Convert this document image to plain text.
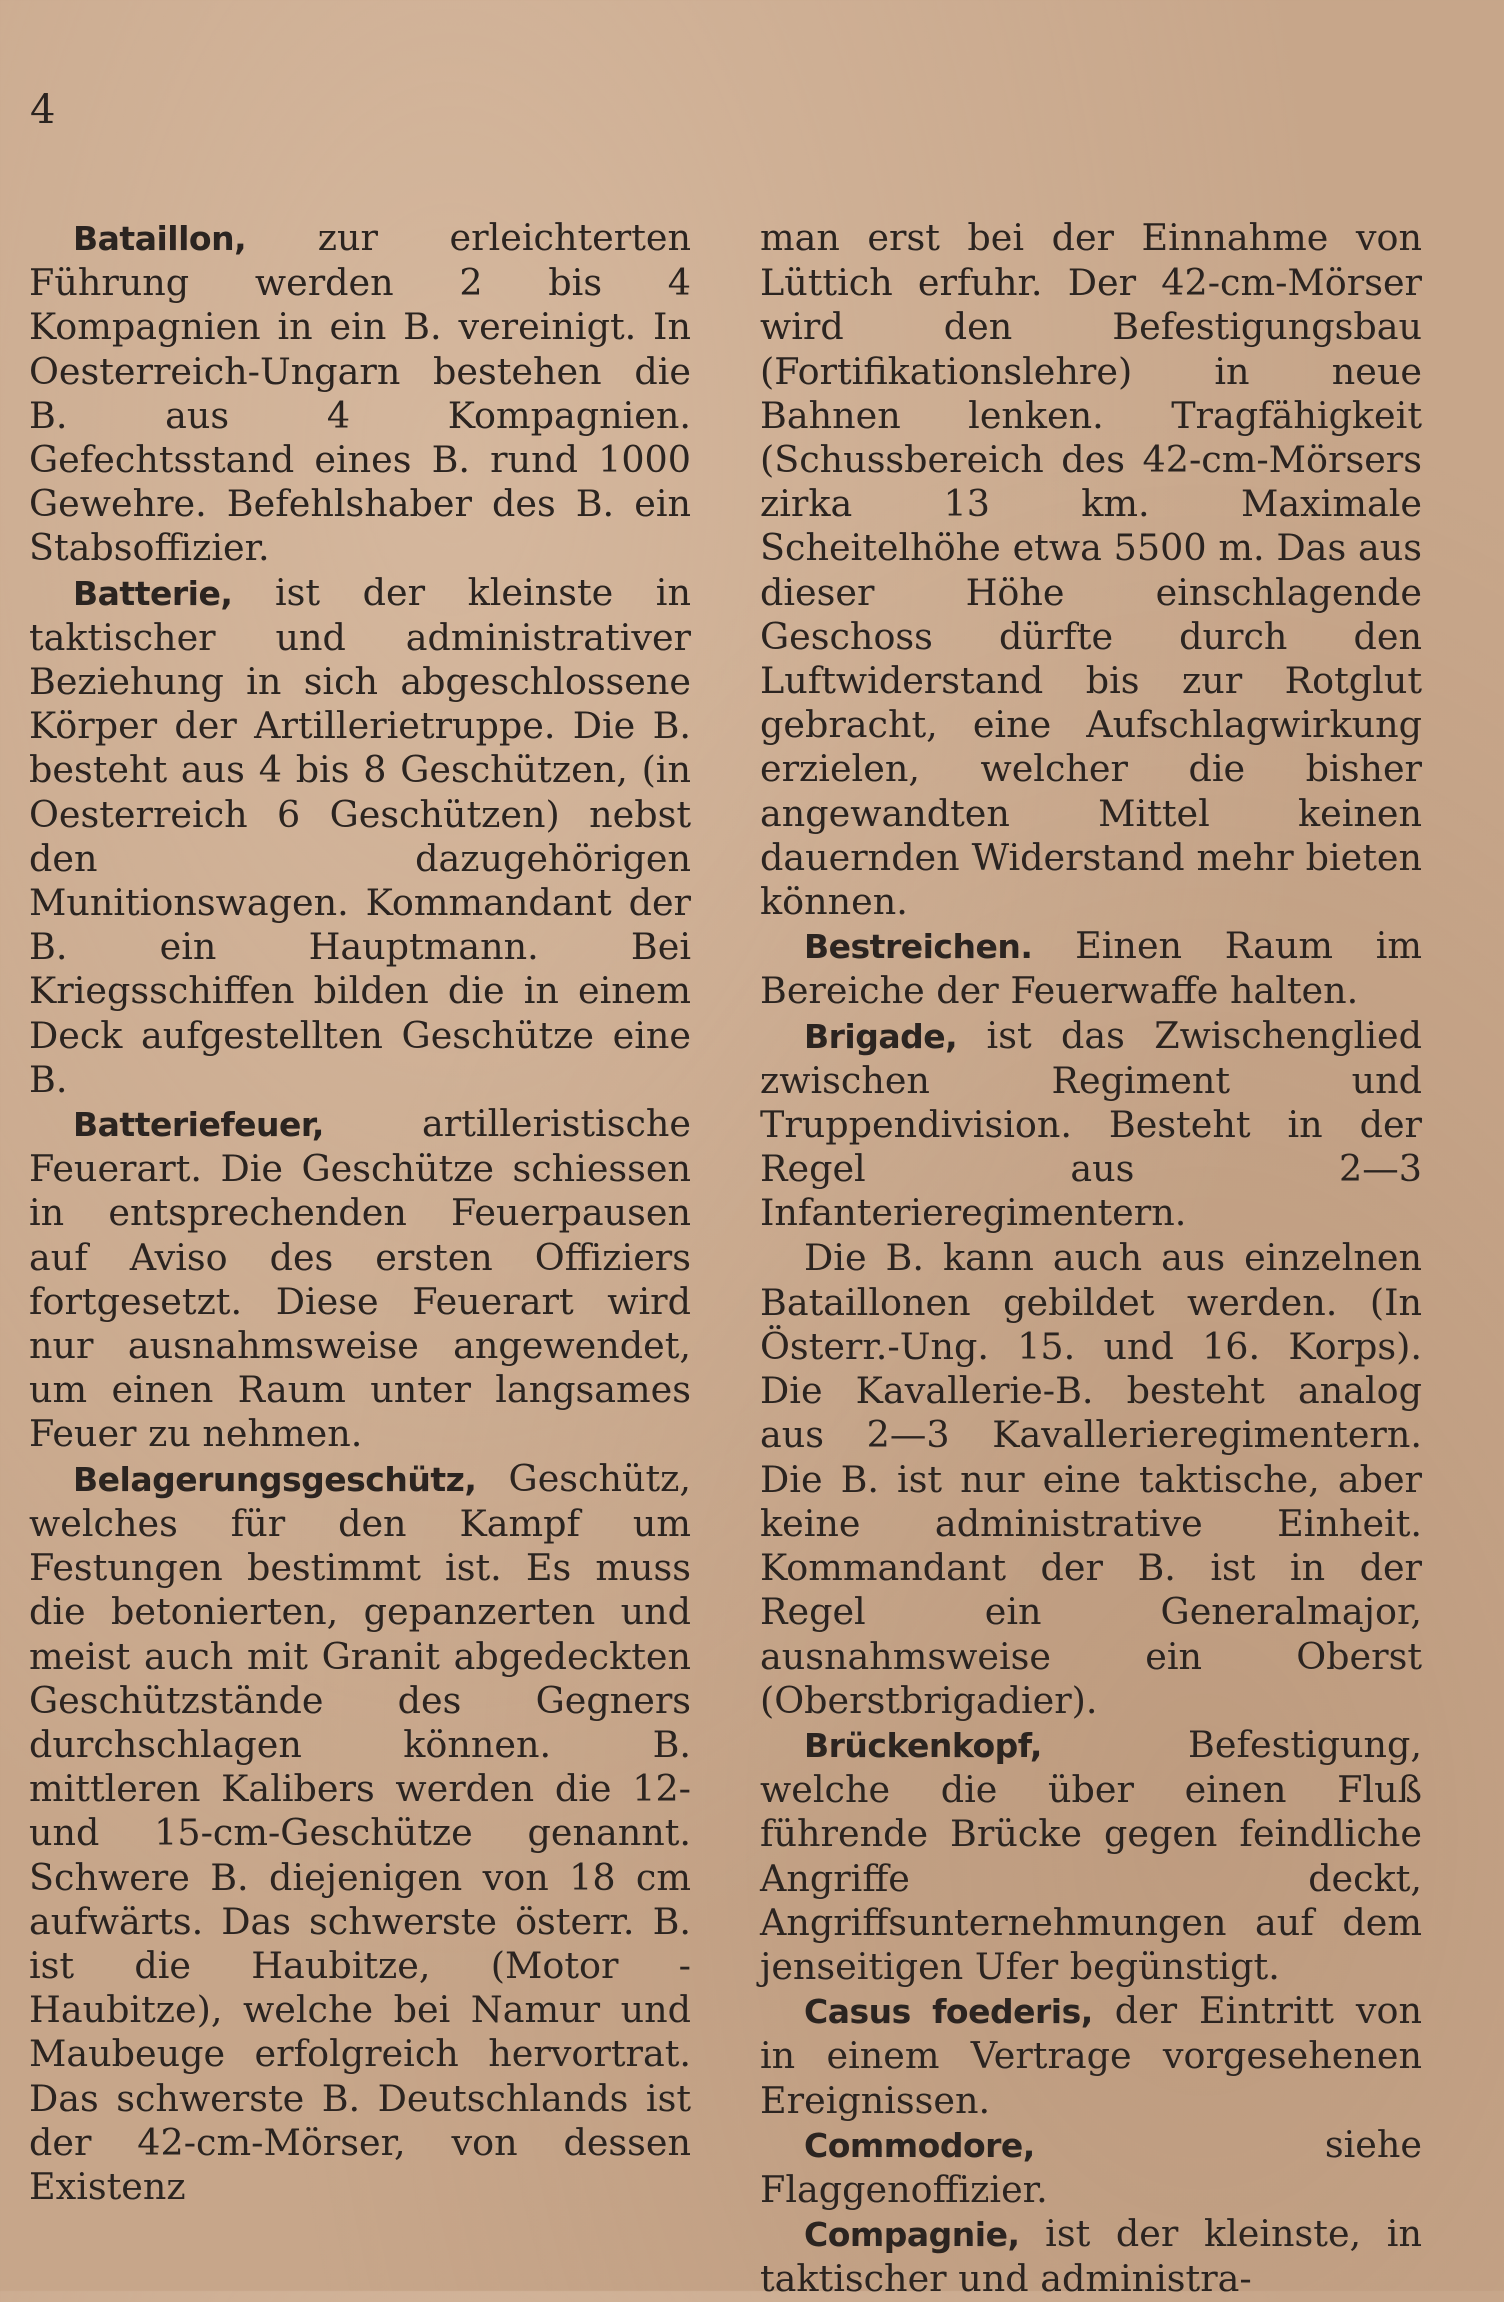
4

Bataillon, zur erleichterten Führung werden 2 bis 4 Kompagnien in ein B. vereinigt. In Oesterreich-Ungarn bestehen die B. aus 4 Kompagnien. Gefechtsstand eines B. rund 1000 Gewehre. Befehlshaber des B. ein Stabsoffizier.

Batterie, ist der kleinste in taktischer und administrativer Beziehung in sich abgeschlossene Körper der Artillerietruppe. Die B. besteht aus 4 bis 8 Geschützen, (in Oesterreich 6 Geschützen) nebst den dazugehörigen Munitionswagen. Kommandant der B. ein Hauptmann. Bei Kriegsschiffen bilden die in einem Deck aufgestellten Geschütze eine B.

Batteriefeuer, artilleristische Feuerart. Die Geschütze schiessen in entsprechenden Feuerpausen auf Aviso des ersten Offiziers fortgesetzt. Diese Feuerart wird nur ausnahmsweise angewendet, um einen Raum unter langsames Feuer zu nehmen.

Belagerungsgeschütz, Geschütz, welches für den Kampf um Festungen bestimmt ist. Es muss die betonierten, gepanzerten und meist auch mit Granit abgedeckten Geschützstände des Gegners durchschlagen können. B. mittleren Kalibers werden die 12- und 15-cm-Geschütze genannt. Schwere B. diejenigen von 18 cm aufwärts. Das schwerste österr. B. ist die Haubitze, (Motor - Haubitze), welche bei Namur und Maubeuge erfolgreich hervortrat. Das schwerste B. Deutschlands ist der 42-cm-Mörser, von dessen Existenz

man erst bei der Einnahme von Lüttich erfuhr. Der 42-cm-Mörser wird den Befestigungsbau (Fortifikationslehre) in neue Bahnen lenken. Tragfähigkeit (Schussbereich des 42-cm-Mörsers zirka 13 km. Maximale Scheitelhöhe etwa 5500 m. Das aus dieser Höhe einschlagende Geschoss dürfte durch den Luftwiderstand bis zur Rotglut gebracht, eine Aufschlagwirkung erzielen, welcher die bisher angewandten Mittel keinen dauernden Widerstand mehr bieten können.

Bestreichen. Einen Raum im Bereiche der Feuerwaffe halten.

Brigade, ist das Zwischenglied zwischen Regiment und Truppendivision. Besteht in der Regel aus 2—3 Infanterieregimentern.

Die B. kann auch aus einzelnen Bataillonen gebildet werden. (In Österr.-Ung. 15. und 16. Korps). Die Kavallerie-B. besteht analog aus 2—3 Kavallerieregimentern. Die B. ist nur eine taktische, aber keine administrative Einheit. Kommandant der B. ist in der Regel ein Generalmajor, ausnahmsweise ein Oberst (Oberstbrigadier).

Brückenkopf, Befestigung, welche die über einen Fluß führende Brücke gegen feindliche Angriffe deckt, Angriffsunternehmungen auf dem jenseitigen Ufer begünstigt.

Casus foederis, der Eintritt von in einem Vertrage vorgesehenen Ereignissen.

Commodore, siehe Flaggenoffizier.

Compagnie, ist der kleinste, in taktischer und administra-
